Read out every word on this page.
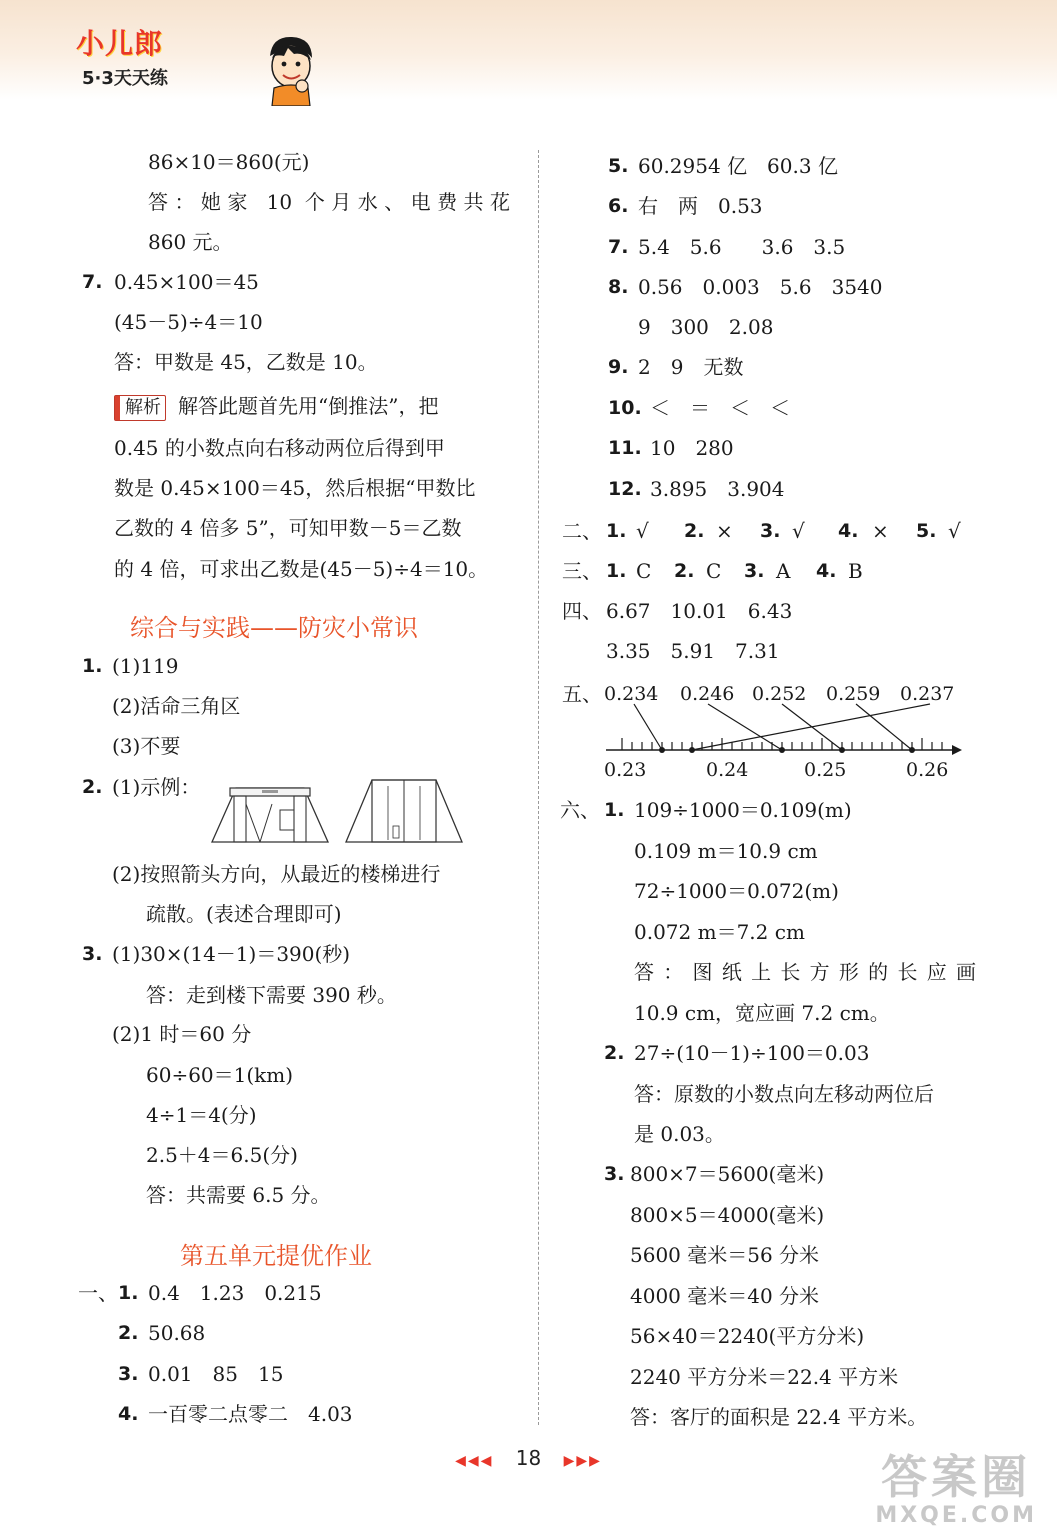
小儿郎
5·3天天练
86×10＝860(元)
答：她家 10 个月水、电费共花
860 元。
7. 0.45×100＝45
(45－5)÷4＝10
答：甲数是 45，乙数是 10。
解析 解答此题首先用“倒推法”，把
0.45 的小数点向右移动两位后得到甲
数是 0.45×100＝45，然后根据“甲数比
乙数的 4 倍多 5”，可知甲数－5＝乙数
的 4 倍，可求出乙数是(45－5)÷4＝10。
综合与实践——防灾小常识
1. (1)119
(2)活命三角区
(3)不要
2. (1)示例：
(2)按照箭头方向，从最近的楼梯进行
疏散。(表述合理即可)
3. (1)30×(14－1)＝390(秒)
答：走到楼下需要 390 秒。
(2)1 时＝60 分
60÷60＝1(km)
4÷1＝4(分)
2.5＋4＝6.5(分)
答：共需要 6.5 分。
第五单元提优作业
一、 1. 0.4　1.23　0.215
2. 50.68
3. 0.01　85　15
4. 一百零二点零二　4.03
5. 60.2954 亿　60.3 亿
6. 右　两　0.53
7. 5.4　5.6　　3.6　3.5
8. 0.56　0.003　5.6　3540
9　300　2.08
9. 2　9　无数
10. ＜　＝　＜　＜
11. 10　280
12. 3.895　3.904
二、 1. √ 2. × 3. √ 4. × 5. √
三、 1. C 2. C 3. A 4. B
四、 6.67　10.01　6.43
3.35　5.91　7.31
五、 0.234 0.246 0.252 0.259 0.237
0.23	0.24	0.25	0.26
六、 1. 109÷1000＝0.109(m)
0.109 m＝10.9 cm
72÷1000＝0.072(m)
0.072 m＝7.2 cm
答：图纸上长方形的长应画
10.9 cm，宽应画 7.2 cm。
2. 27÷(10－1)÷100＝0.03
答：原数的小数点向左移动两位后
是 0.03。
3. 800×7＝5600(毫米)
800×5＝4000(毫米)
5600 毫米＝56 分米
4000 毫米＝40 分米
56×40＝2240(平方分米)
2240 平方分米＝22.4 平方米
答：客厅的面积是 22.4 平方米。
◀◀◀ 18 ▶▶▶	答案圈
MXQE.COM
